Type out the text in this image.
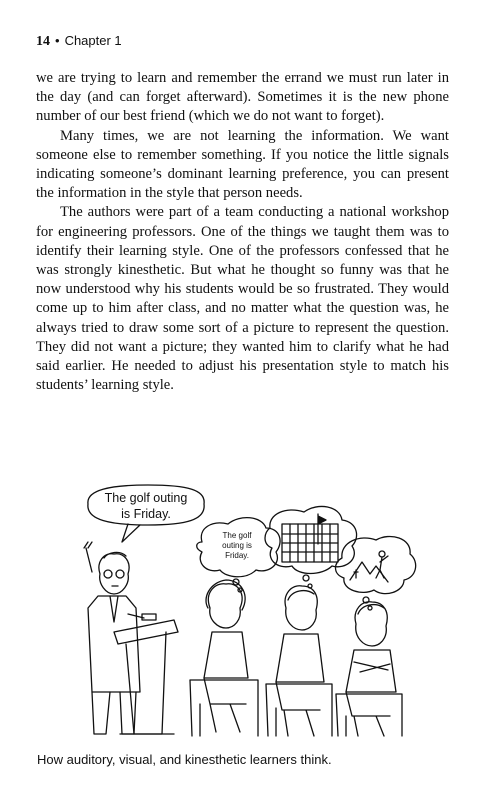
14 • Chapter 1

we are trying to learn and remember the errand we must run later in the day (and can forget afterward). Sometimes it is the new phone number of our best friend (which we do not want to forget).

Many times, we are not learning the information. We want someone else to remember something. If you notice the little signals indicating someone’s dominant learning preference, you can present the information in the style that person needs.

The authors were part of a team conducting a national workshop for engineering professors. One of the things we taught them was to identify their learning style. One of the professors confessed that he was strongly kinesthetic. But what he thought so funny was that he now understood why his students would be so frustrated. They would come up to him after class, and no matter what the question was, he always tried to draw some sort of a picture to represent the question. They did not want a picture; they wanted him to clarify what he had said earlier. He needed to adjust his presentation style to match his students’ learning style.

The golf outing
is Friday.
The golf
outing is
Friday.
How auditory, visual, and kinesthetic learners think.
